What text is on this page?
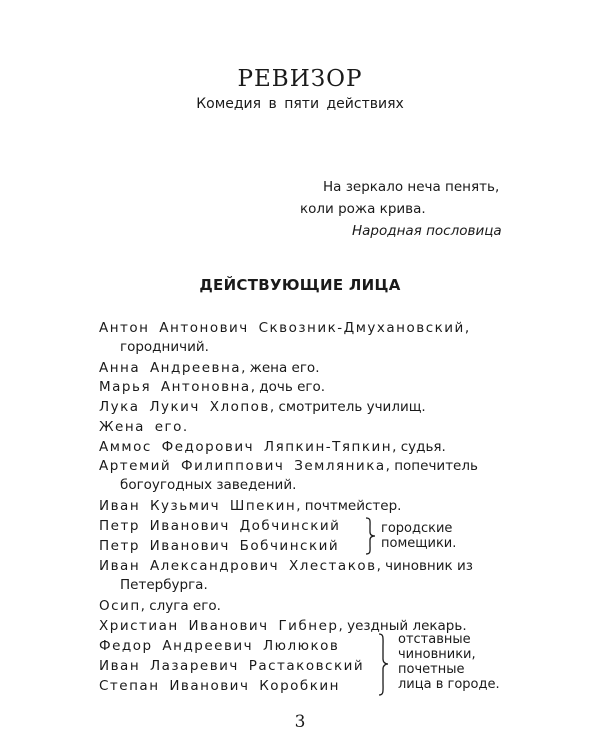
РЕВИЗОР
Комедия в пяти действиях
На зеркало неча пенять,
коли рожа крива.
Народная пословица
ДЕЙСТВУЮЩИЕ ЛИЦА
Антон Антонович Сквозник-Дмухановский,
городничий.
Анна Андреевна, жена его.
Марья Антоновна, дочь его.
Лука Лукич Хлопов, смотритель училищ.
Жена его.
Аммос Федорович Ляпкин-Тяпкин, судья.
Артемий Филиппович Земляника, попечитель
богоугодных заведений.
Иван Кузьмич Шпекин, почтмейстер.
Петр Иванович Добчинский
Петр Иванович Бобчинский
Иван Александрович Хлестаков, чиновник из
Петербурга.
Осип, слуга его.
Христиан Иванович Гибнер, уездный лекарь.
Федор Андреевич Люлюков
Иван Лазаревич Растаковский
Степан Иванович Коробкин
городские
помещики.
отставные
чиновники,
почетные
лица в городе.
3
